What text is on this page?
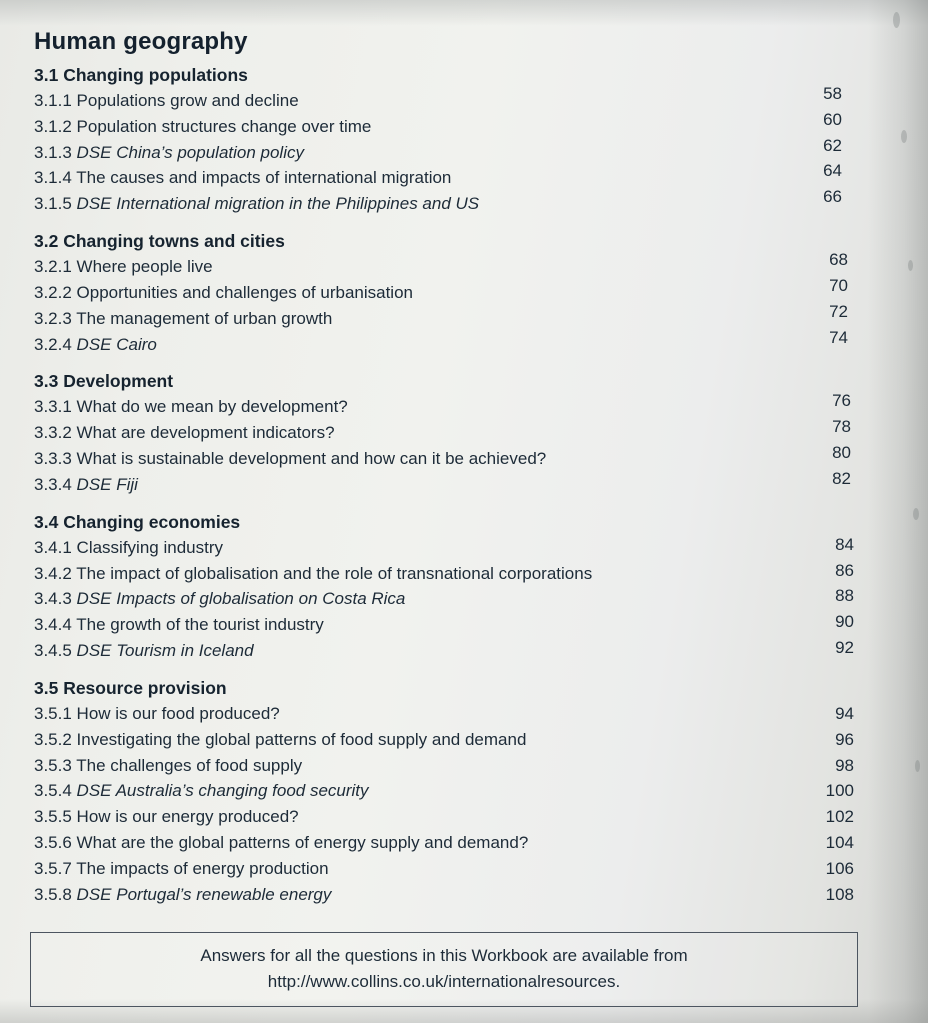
Human geography
3.1 Changing populations
3.1.1 Populations grow and decline	58
3.1.2 Population structures change over time	60
3.1.3 DSE China’s population policy	62
3.1.4 The causes and impacts of international migration	64
3.1.5 DSE International migration in the Philippines and US	66
3.2 Changing towns and cities
3.2.1 Where people live	68
3.2.2 Opportunities and challenges of urbanisation	70
3.2.3 The management of urban growth	72
3.2.4 DSE Cairo	74
3.3 Development
3.3.1 What do we mean by development?	76
3.3.2 What are development indicators?	78
3.3.3 What is sustainable development and how can it be achieved?	80
3.3.4 DSE Fiji	82
3.4 Changing economies
3.4.1 Classifying industry	84
3.4.2 The impact of globalisation and the role of transnational corporations	86
3.4.3 DSE Impacts of globalisation on Costa Rica	88
3.4.4 The growth of the tourist industry	90
3.4.5 DSE Tourism in Iceland	92
3.5 Resource provision
3.5.1 How is our food produced?	94
3.5.2 Investigating the global patterns of food supply and demand	96
3.5.3 The challenges of food supply	98
3.5.4 DSE Australia’s changing food security	100
3.5.5 How is our energy produced?	102
3.5.6 What are the global patterns of energy supply and demand?	104
3.5.7 The impacts of energy production	106
3.5.8 DSE Portugal’s renewable energy	108
Answers for all the questions in this Workbook are available from
http://www.collins.co.uk/internationalresources.
